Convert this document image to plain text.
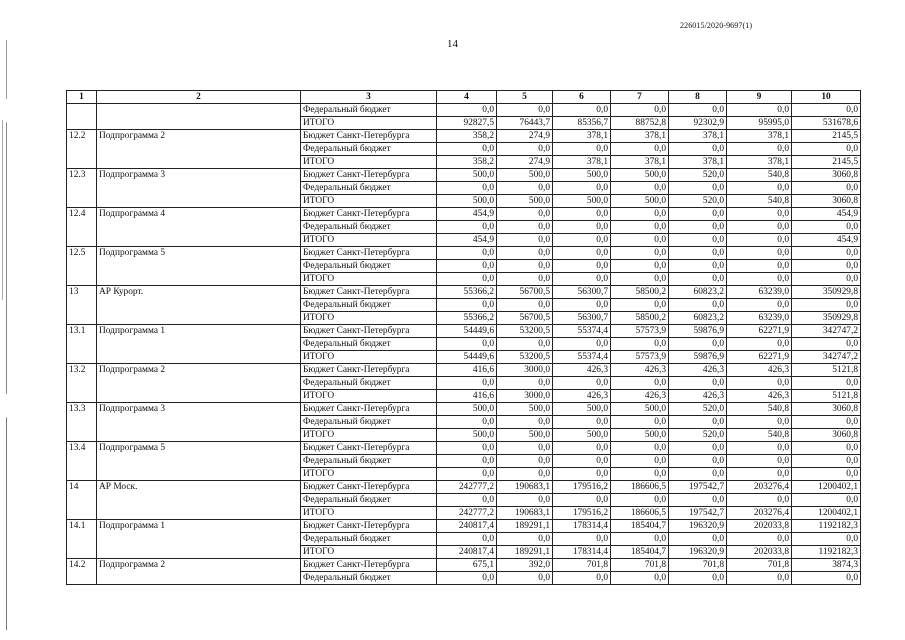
226015/2020-9697(1)
14
1	2	3	4	5	6	7	8	9	10
		Федеральный бюджет	0,0	0,0	0,0	0,0	0,0	0,0	0,0
		ИТОГО	92827,5	76443,7	85356,7	88752,8	92302,9	95995,0	531678,6
12.2	Подпрограмма 2	Бюджет Санкт-Петербурга	358,2	274,9	378,1	378,1	378,1	378,1	2145,5
		Федеральный бюджет	0,0	0,0	0,0	0,0	0,0	0,0	0,0
		ИТОГО	358,2	274,9	378,1	378,1	378,1	378,1	2145,5
12.3	Подпрограмма 3	Бюджет Санкт-Петербурга	500,0	500,0	500,0	500,0	520,0	540,8	3060,8
		Федеральный бюджет	0,0	0,0	0,0	0,0	0,0	0,0	0,0
		ИТОГО	500,0	500,0	500,0	500,0	520,0	540,8	3060,8
12.4	Подпрограмма 4	Бюджет Санкт-Петербурга	454,9	0,0	0,0	0,0	0,0	0,0	454,9
		Федеральный бюджет	0,0	0,0	0,0	0,0	0,0	0,0	0,0
		ИТОГО	454,9	0,0	0,0	0,0	0,0	0,0	454,9
12.5	Подпрограмма 5	Бюджет Санкт-Петербурга	0,0	0,0	0,0	0,0	0,0	0,0	0,0
		Федеральный бюджет	0,0	0,0	0,0	0,0	0,0	0,0	0,0
		ИТОГО	0,0	0,0	0,0	0,0	0,0	0,0	0,0
13	АР Курорт.	Бюджет Санкт-Петербурга	55366,2	56700,5	56300,7	58500,2	60823,2	63239,0	350929,8
		Федеральный бюджет	0,0	0,0	0,0	0,0	0,0	0,0	0,0
		ИТОГО	55366,2	56700,5	56300,7	58500,2	60823,2	63239,0	350929,8
13.1	Подпрограмма 1	Бюджет Санкт-Петербурга	54449,6	53200,5	55374,4	57573,9	59876,9	62271,9	342747,2
		Федеральный бюджет	0,0	0,0	0,0	0,0	0,0	0,0	0,0
		ИТОГО	54449,6	53200,5	55374,4	57573,9	59876,9	62271,9	342747,2
13.2	Подпрограмма 2	Бюджет Санкт-Петербурга	416,6	3000,0	426,3	426,3	426,3	426,3	5121,8
		Федеральный бюджет	0,0	0,0	0,0	0,0	0,0	0,0	0,0
		ИТОГО	416,6	3000,0	426,3	426,3	426,3	426,3	5121,8
13.3	Подпрограмма 3	Бюджет Санкт-Петербурга	500,0	500,0	500,0	500,0	520,0	540,8	3060,8
		Федеральный бюджет	0,0	0,0	0,0	0,0	0,0	0,0	0,0
		ИТОГО	500,0	500,0	500,0	500,0	520,0	540,8	3060,8
13.4	Подпрограмма 5	Бюджет Санкт-Петербурга	0,0	0,0	0,0	0,0	0,0	0,0	0,0
		Федеральный бюджет	0,0	0,0	0,0	0,0	0,0	0,0	0,0
		ИТОГО	0,0	0,0	0,0	0,0	0,0	0,0	0,0
14	АР Моск.	Бюджет Санкт-Петербурга	242777,2	190683,1	179516,2	186606,5	197542,7	203276,4	1200402,1
		Федеральный бюджет	0,0	0,0	0,0	0,0	0,0	0,0	0,0
		ИТОГО	242777,2	190683,1	179516,2	186606,5	197542,7	203276,4	1200402,1
14.1	Подпрограмма 1	Бюджет Санкт-Петербурга	240817,4	189291,1	178314,4	185404,7	196320,9	202033,8	1192182,3
		Федеральный бюджет	0,0	0,0	0,0	0,0	0,0	0,0	0,0
		ИТОГО	240817,4	189291,1	178314,4	185404,7	196320,9	202033,8	1192182,3
14.2	Подпрограмма 2	Бюджет Санкт-Петербурга	675,1	392,0	701,8	701,8	701,8	701,8	3874,3
		Федеральный бюджет	0,0	0,0	0,0	0,0	0,0	0,0	0,0
